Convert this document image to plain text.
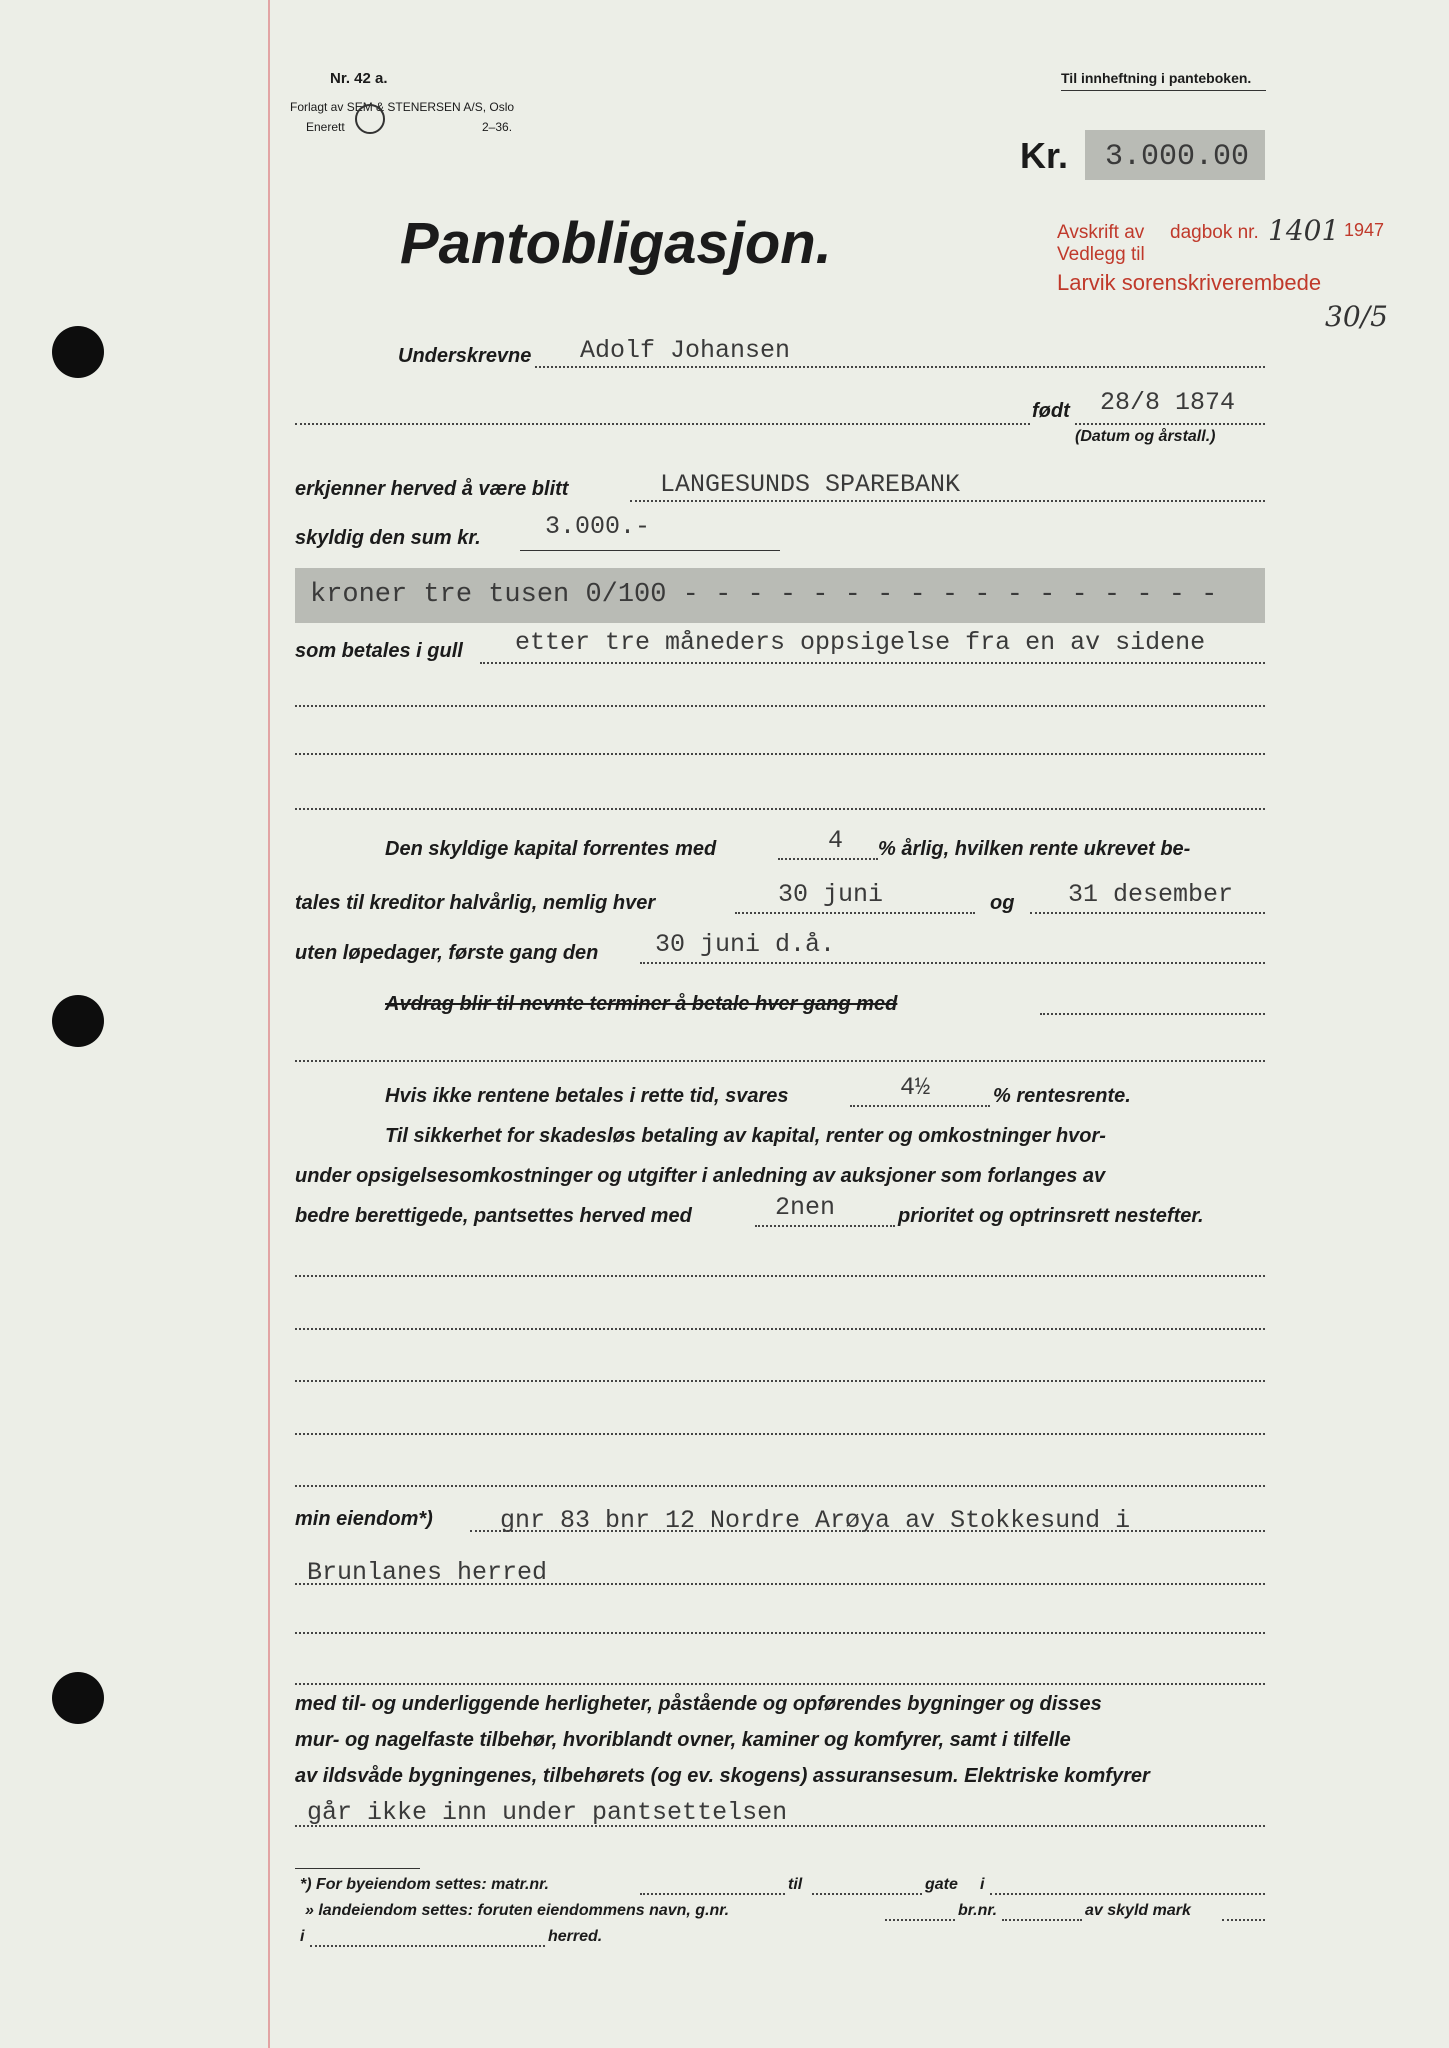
Nr. 42 a.
Forlagt av SEM & STENERSEN A/S, Oslo
Enerett	2–36.
Til innheftning i panteboken.
Kr. 3.000.00
Pantobligasjon.	Avskrift av
Vedlegg til
dagbok nr. 1401 1947
Larvik sorenskriverembede
30/5
Underskrevne Adolf Johansen
født 28/8 1874
(Datum og årstall.)
erkjenner herved å være blitt	LANGESUNDS SPAREBANK
skyldig den sum kr.	3.000.-
kroner tre tusen 0/100 - - - - - - - - - - - - - - - - -
som betales i gull etter tre måneders oppsigelse fra en av sidene
Den skyldige kapital forrentes med	4 % årlig, hvilken rente ukrevet be-
tales til kreditor halvårlig, nemlig hver	30 juni	og 31 desember
uten løpedager, første gang den 30 juni d.å.
Avdrag blir til nevnte terminer å betale hver gang med
Hvis ikke rentene betales i rette tid, svares	4½	% rentesrente.
Til sikkerhet for skadesløs betaling av kapital, renter og omkostninger hvor-
under opsigelsesomkostninger og utgifter i anledning av auksjoner som forlanges av
bedre berettigede, pantsettes herved med	2nen	prioritet og optrinsrett nestefter.
min eiendom*)	gnr 83 bnr 12 Nordre Arøya av Stokkesund i
Brunlanes herred
med til- og underliggende herligheter, påstående og opførendes bygninger og disses
mur- og nagelfaste tilbehør, hvoriblandt ovner, kaminer og komfyrer, samt i tilfelle
av ildsvåde bygningenes, tilbehørets (og ev. skogens) assuransesum. Elektriske komfyrer
går ikke inn under pantsettelsen
*) For byeiendom settes: matr.nr.	til	gate i
» landeiendom settes: foruten eiendommens navn, g.nr.	br.nr.	av skyld mark
i	herred.
